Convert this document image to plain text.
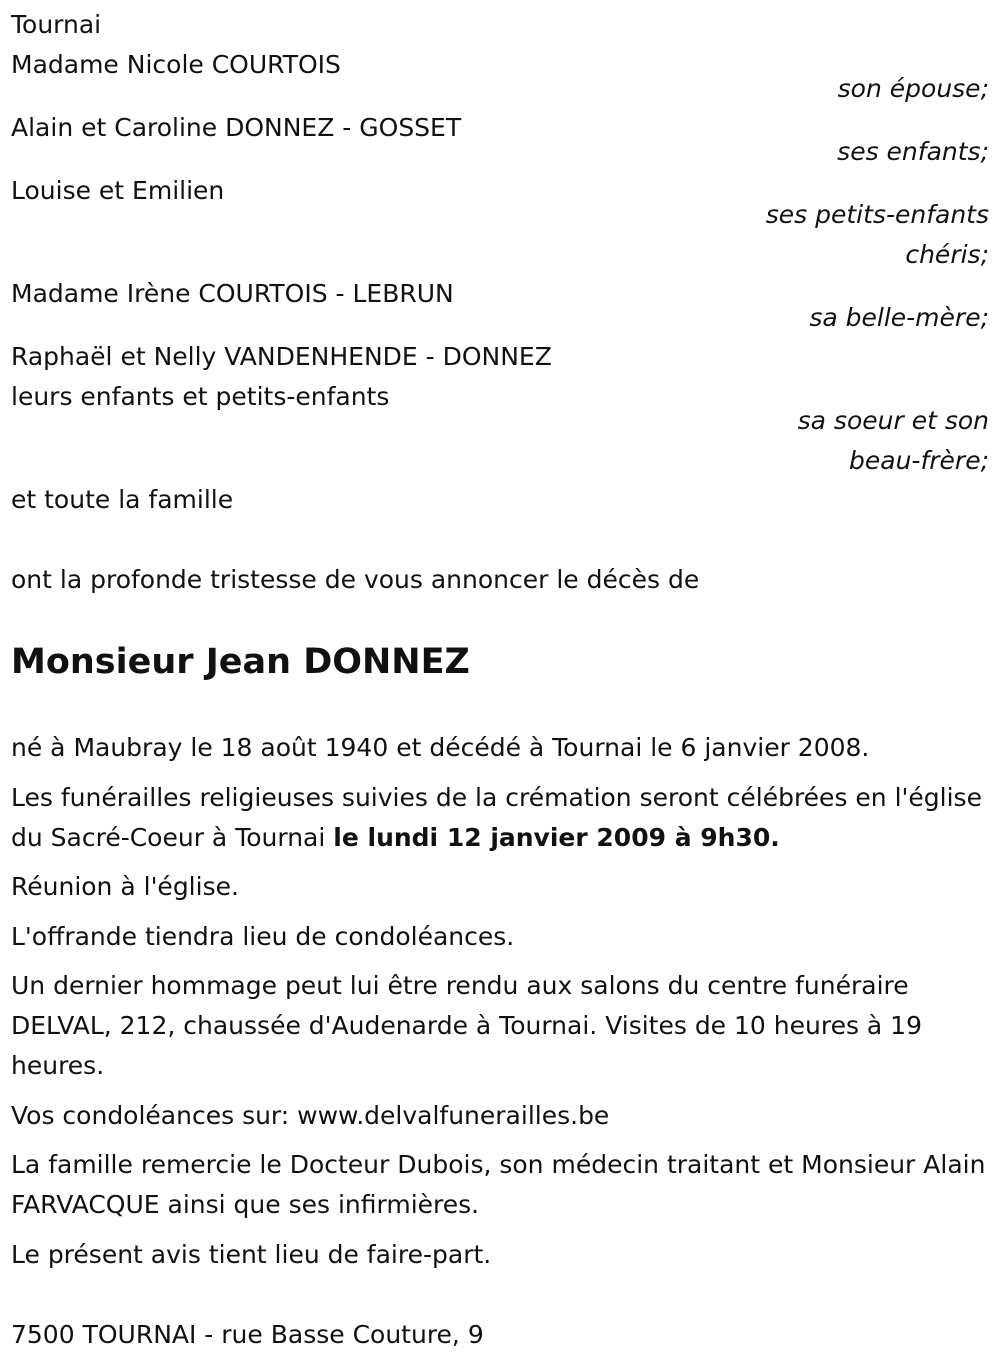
Tournai
Madame Nicole COURTOIS
son épouse;
Alain et Caroline DONNEZ - GOSSET
ses enfants;
Louise et Emilien
ses petits-enfants
chéris;
Madame Irène COURTOIS - LEBRUN
sa belle-mère;
Raphaël et Nelly VANDENHENDE - DONNEZ
leurs enfants et petits-enfants
sa soeur et son
beau-frère;
et toute la famille
ont la profonde tristesse de vous annoncer le décès de
Monsieur Jean DONNEZ
né à Maubray le 18 août 1940 et décédé à Tournai le 6 janvier 2008.
Les funérailles religieuses suivies de la crémation seront célébrées en l'église du Sacré-Coeur à Tournai le lundi 12 janvier 2009 à 9h30.
Réunion à l'église.
L'offrande tiendra lieu de condoléances.
Un dernier hommage peut lui être rendu aux salons du centre funéraire DELVAL, 212, chaussée d'Audenarde à Tournai. Visites de 10 heures à 19 heures.
Vos condoléances sur: www.delvalfunerailles.be
La famille remercie le Docteur Dubois, son médecin traitant et Monsieur Alain FARVACQUE ainsi que ses infirmières.
Le présent avis tient lieu de faire-part.
7500 TOURNAI - rue Basse Couture, 9
